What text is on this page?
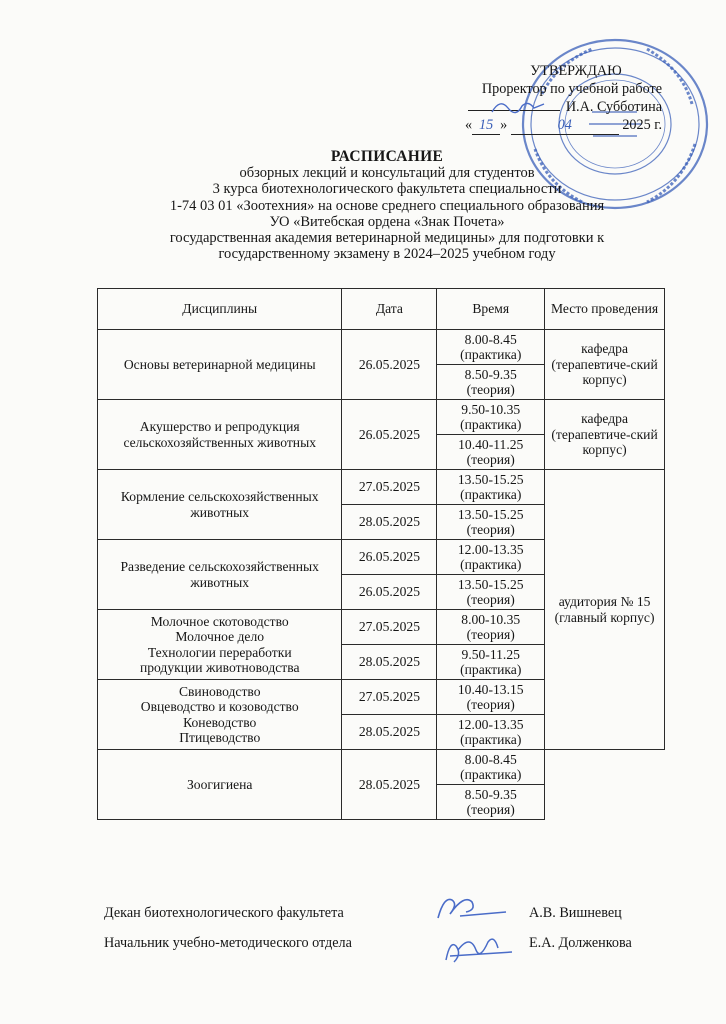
УТВЕРЖДАЮ
Проректор по учебной работе
И.А. Субботина
« 15 »	04	2025 г.
РАСПИСАНИЕ
обзорных лекций и консультаций для студентов
3 курса биотехнологического факультета специальности
1-74 03 01 «Зоотехния» на основе среднего специального образования
УО «Витебская ордена «Знак Почета»
государственная академия ветеринарной медицины» для подготовки к
государственному экзамену в 2024–2025 учебном году
Дисциплины	Дата	Время	Место проведения
Основы ветеринарной медицины	26.05.2025	8.00-8.45 (практика)	кафедра (терапевтиче-ский корпус)
		8.50-9.35 (теория)	
Акушерство и репродукция сельскохозяйственных животных	26.05.2025	9.50-10.35 (практика)	кафедра (терапевтиче-ский корпус)
		10.40-11.25 (теория)	
Кормление сельскохозяйственных животных	27.05.2025	13.50-15.25 (практика)	аудитория № 15 (главный корпус)
	28.05.2025	13.50-15.25 (теория)	
Разведение сельскохозяйственных животных	26.05.2025	12.00-13.35 (практика)	
	26.05.2025	13.50-15.25 (теория)	

Молочное скотоводство
Молочное дело
Технологии переработки
продукции животноводства	27.05.2025	8.00-10.35 (теория)	
	28.05.2025	9.50-11.25 (практика)	

Свиноводство
Овцеводство и козоводство
Коневодство
Птицеводство	27.05.2025	10.40-13.15 (теория)	
	28.05.2025	12.00-13.35 (практика)	
Зоогигиена	28.05.2025	8.00-8.45 (практика)	
		8.50-9.35 (теория)	
Декан биотехнологического факультета	А.В. Вишневец
Начальник учебно-методического отдела	Е.А. Долженкова
